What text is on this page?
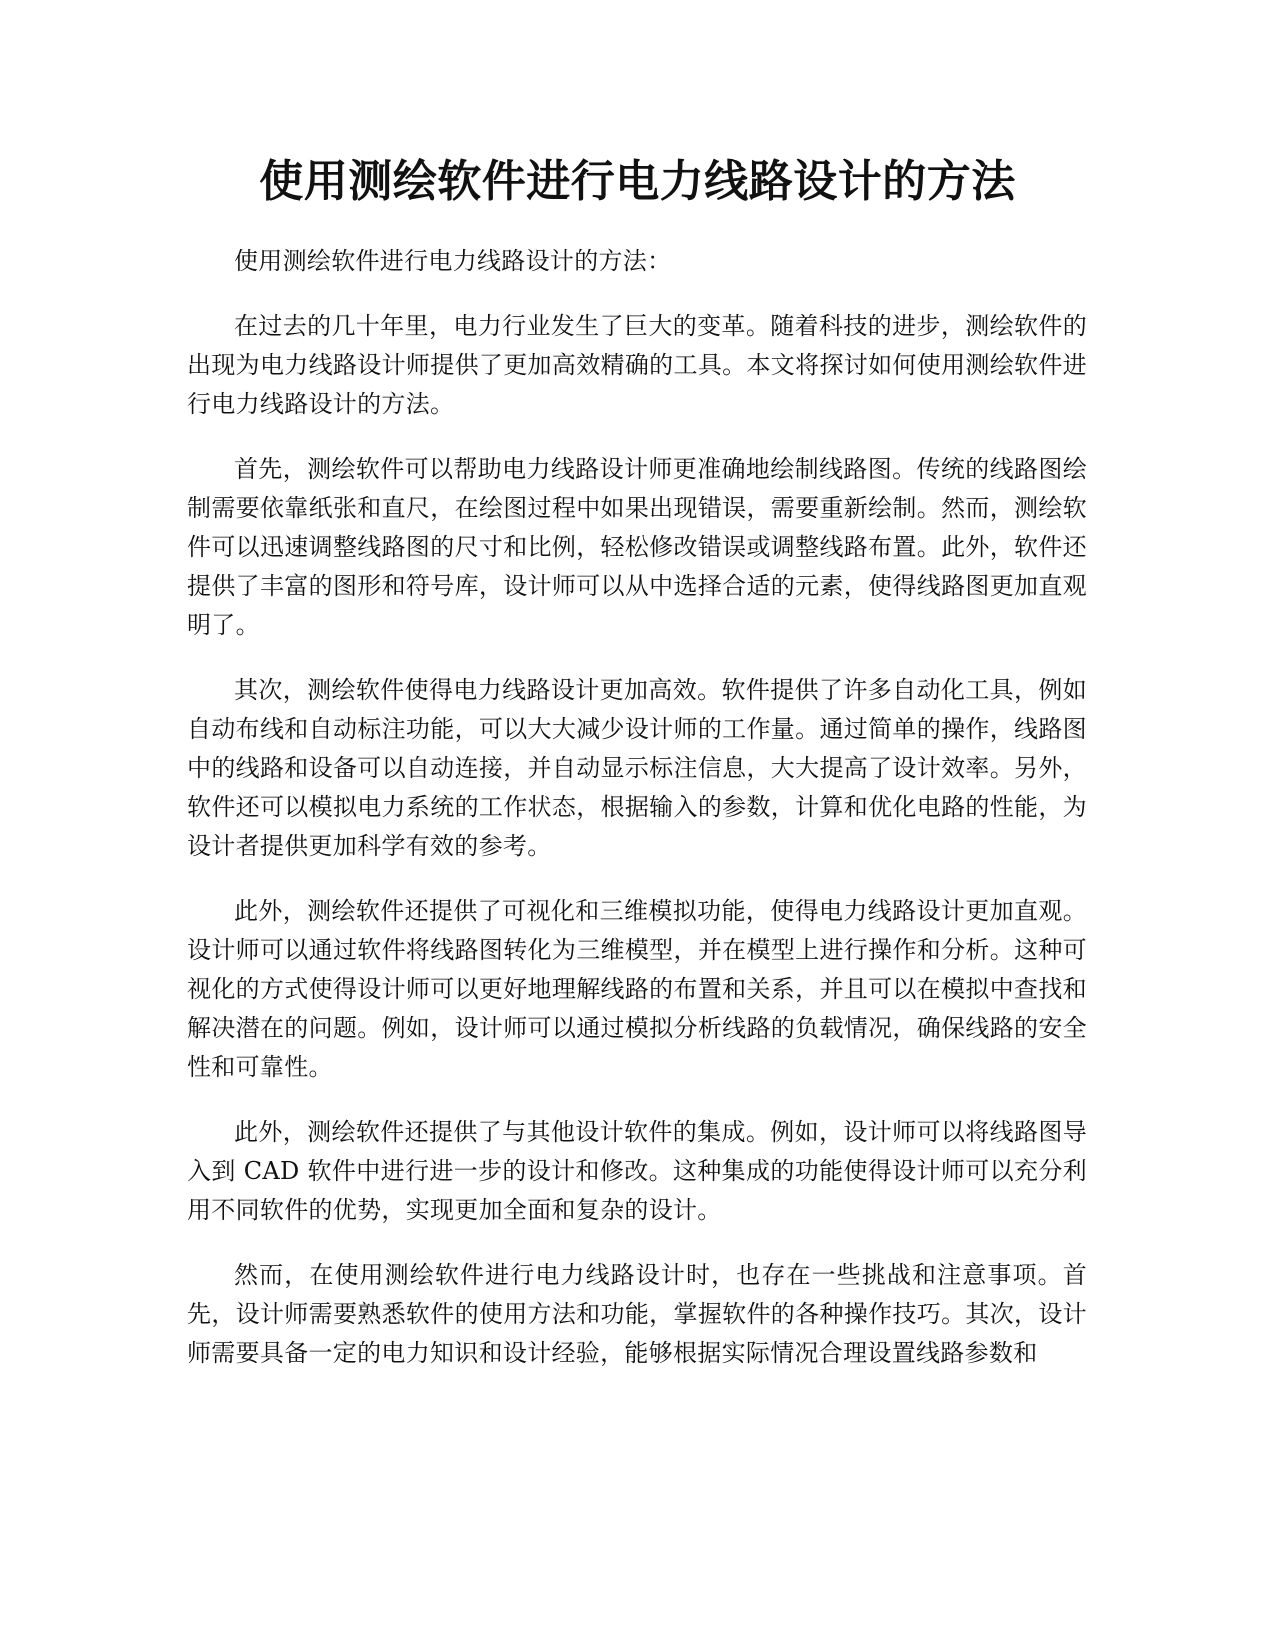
使用测绘软件进行电力线路设计的方法

使用测绘软件进行电力线路设计的方法：

在过去的几十年里，电力行业发生了巨大的变革。随着科技的进步，测绘软件的出现为电力线路设计师提供了更加高效精确的工具。本文将探讨如何使用测绘软件进行电力线路设计的方法。

首先，测绘软件可以帮助电力线路设计师更准确地绘制线路图。传统的线路图绘制需要依靠纸张和直尺，在绘图过程中如果出现错误，需要重新绘制。然而，测绘软件可以迅速调整线路图的尺寸和比例，轻松修改错误或调整线路布置。此外，软件还提供了丰富的图形和符号库，设计师可以从中选择合适的元素，使得线路图更加直观明了。

其次，测绘软件使得电力线路设计更加高效。软件提供了许多自动化工具，例如自动布线和自动标注功能，可以大大减少设计师的工作量。通过简单的操作，线路图中的线路和设备可以自动连接，并自动显示标注信息，大大提高了设计效率。另外，软件还可以模拟电力系统的工作状态，根据输入的参数，计算和优化电路的性能，为设计者提供更加科学有效的参考。

此外，测绘软件还提供了可视化和三维模拟功能，使得电力线路设计更加直观。设计师可以通过软件将线路图转化为三维模型，并在模型上进行操作和分析。这种可视化的方式使得设计师可以更好地理解线路的布置和关系，并且可以在模拟中查找和解决潜在的问题。例如，设计师可以通过模拟分析线路的负载情况，确保线路的安全性和可靠性。

此外，测绘软件还提供了与其他设计软件的集成。例如，设计师可以将线路图导入到 CAD 软件中进行进一步的设计和修改。这种集成的功能使得设计师可以充分利用不同软件的优势，实现更加全面和复杂的设计。

然而，在使用测绘软件进行电力线路设计时，也存在一些挑战和注意事项。首先，设计师需要熟悉软件的使用方法和功能，掌握软件的各种操作技巧。其次，设计师需要具备一定的电力知识和设计经验，能够根据实际情况合理设置线路参数和
